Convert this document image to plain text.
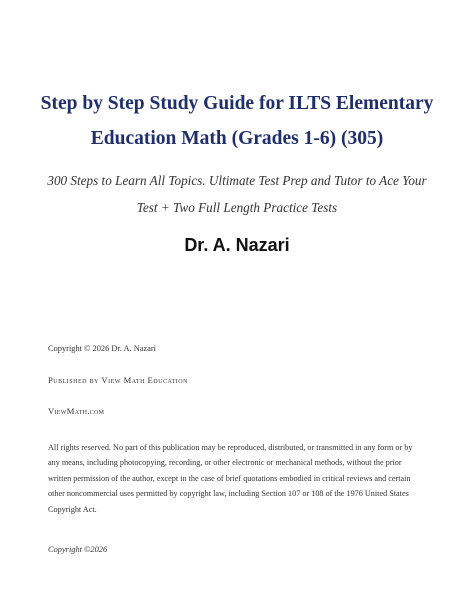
Step by Step Study Guide for ILTS Elementary
Education Math (Grades 1-6) (305)
300 Steps to Learn All Topics. Ultimate Test Prep and Tutor to Ace Your
Test + Two Full Length Practice Tests
Dr. A. Nazari
Copyright © 2026 Dr. A. Nazari
Published by View Math Education
ViewMath.com
All rights reserved. No part of this publication may be reproduced, distributed, or transmitted in any form or by
any means, including photocopying, recording, or other electronic or mechanical methods, without the prior
written permission of the author, except in the case of brief quotations embodied in critical reviews and certain
other noncommercial uses permitted by copyright law, including Section 107 or 108 of the 1976 United States
Copyright Act.
Copyright ©2026
